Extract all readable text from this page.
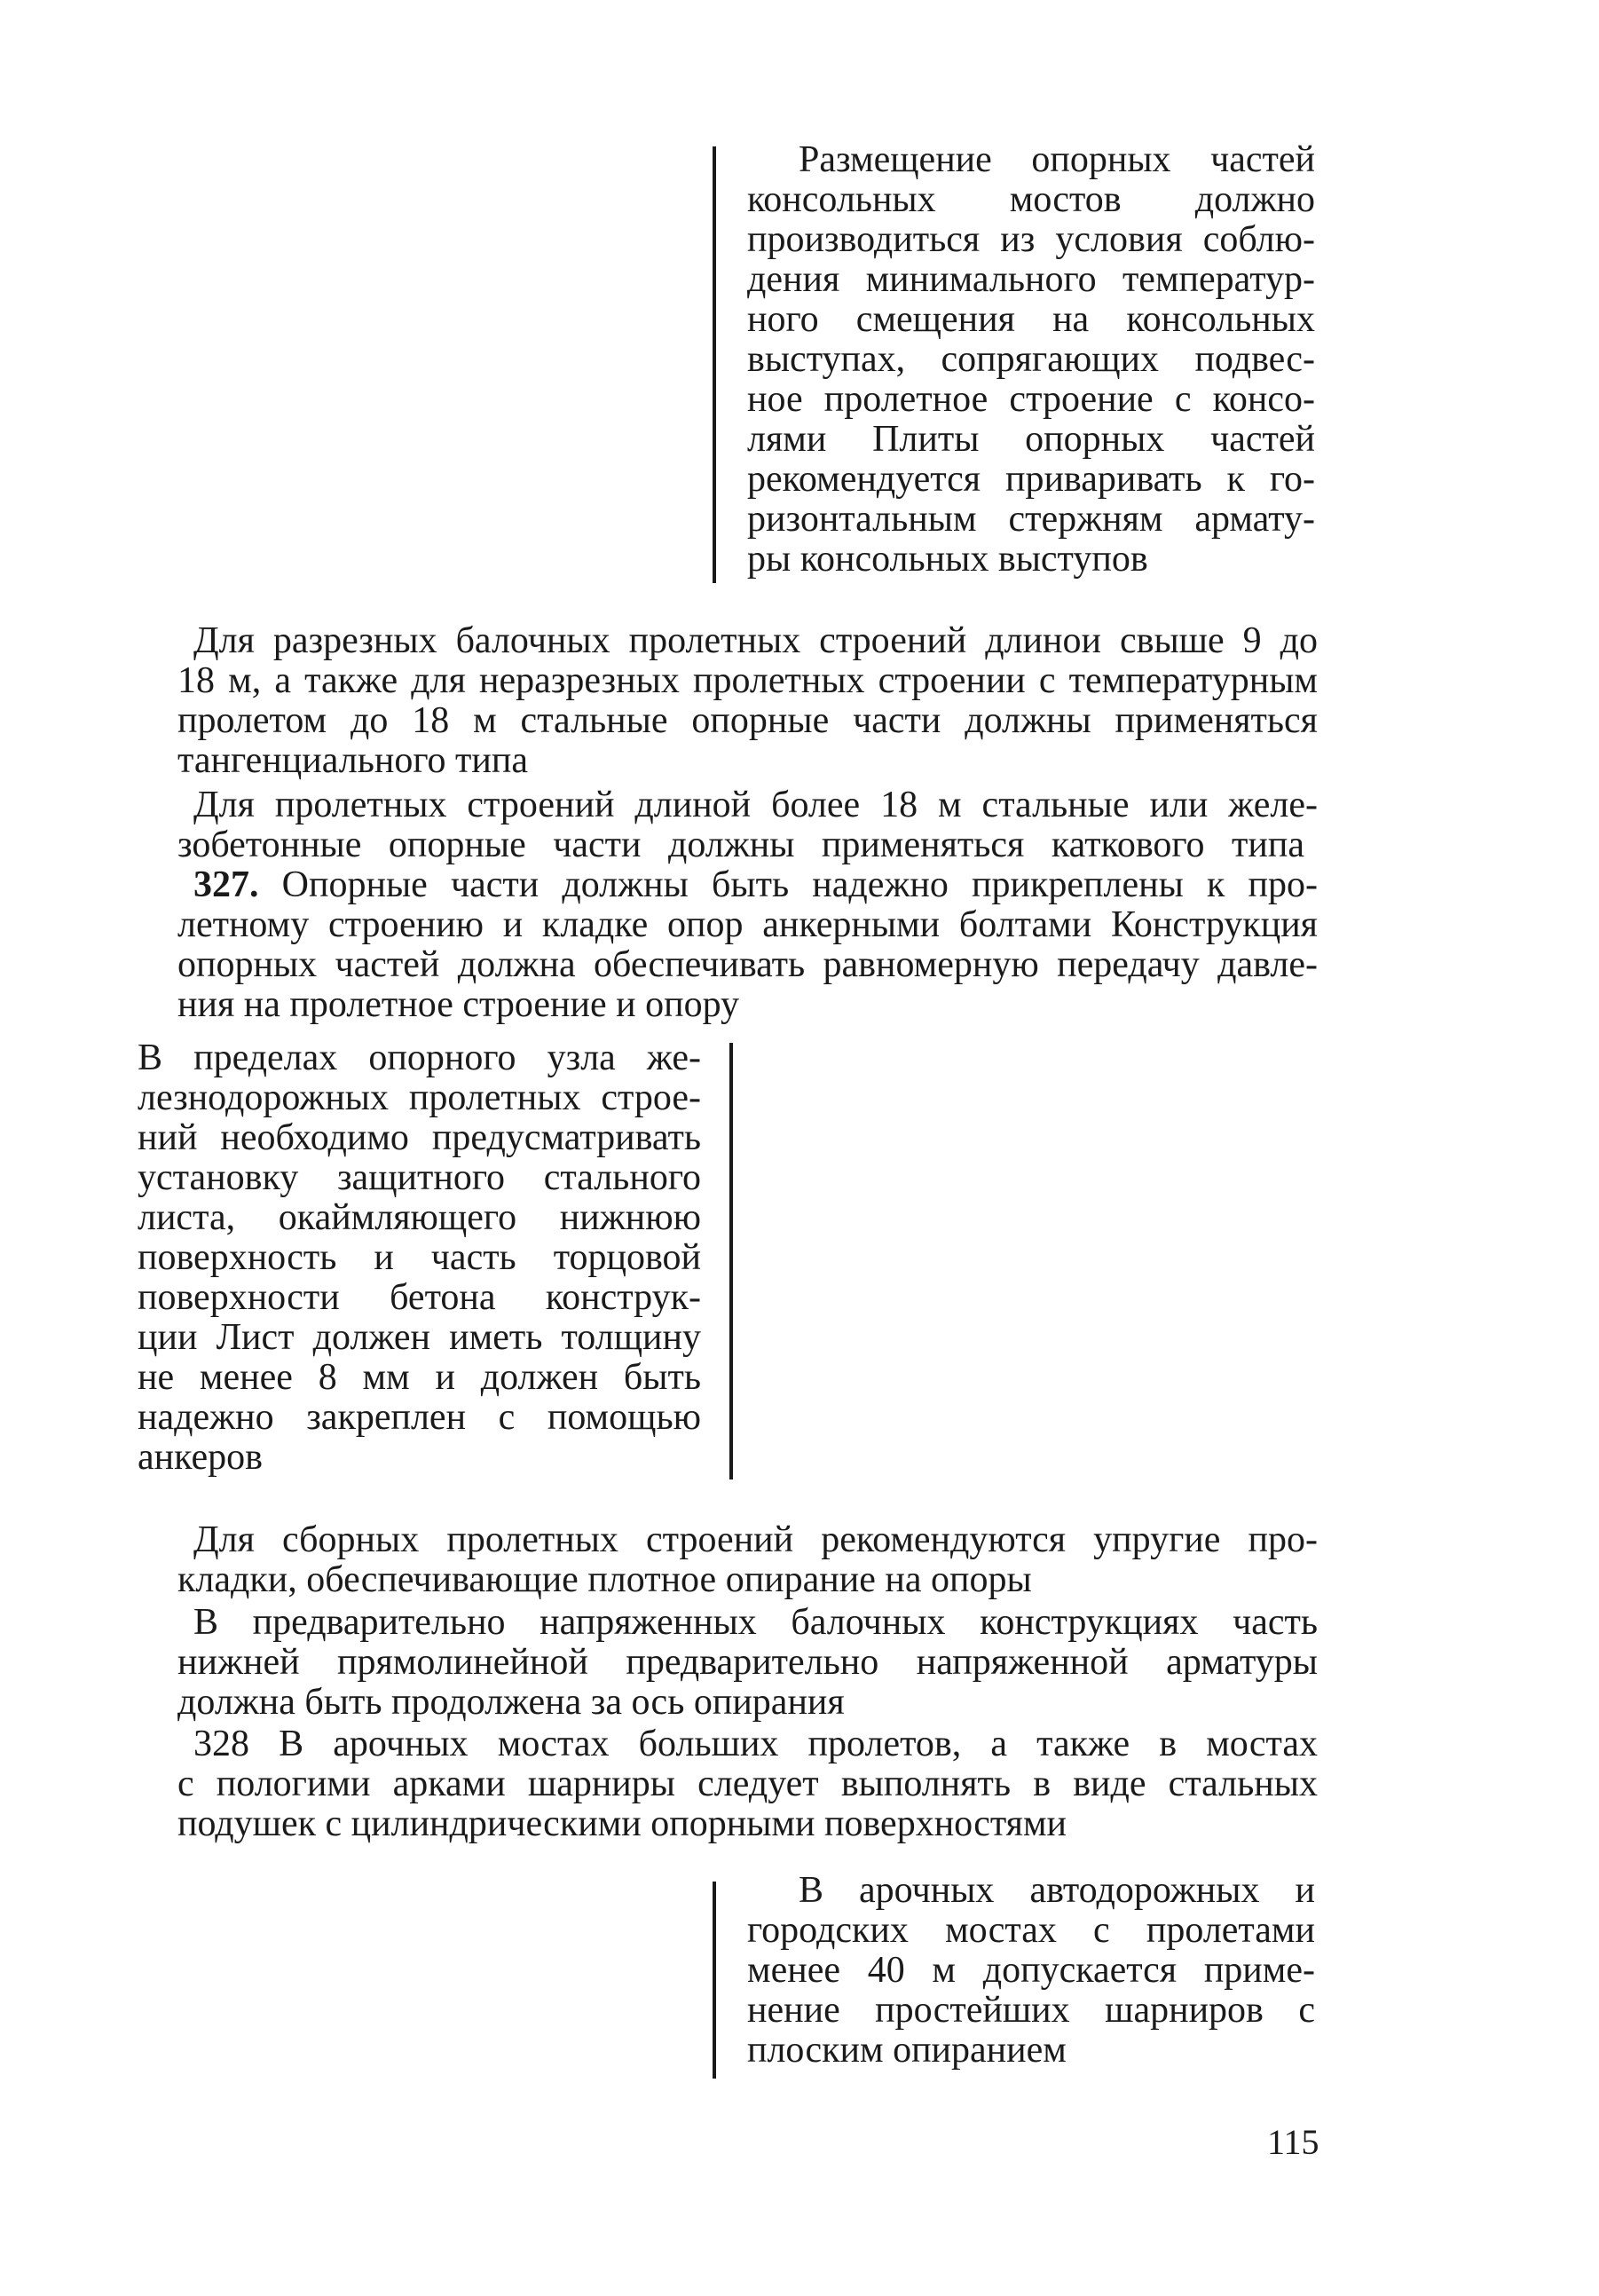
Размещение опорных частей
консольных мостов должно
производиться из условия соблю-
дения минимального температур-
ного смещения на консольных
выступах, сопрягающих подвес-
ное пролетное строение с консо-
лями Плиты опорных частей
рекомендуется приваривать к го-
ризонтальным стержням армату-
ры консольных выступов
Для разрезных балочных пролетных строений длинои свыше 9 до
18 м, а также для неразрезных пролетных строении с температурным
пролетом до 18 м стальные опорные части должны применяться
тангенциального типа
Для пролетных строений длиной более 18 м стальные или желе-
зобетонные опорные части должны применяться каткового типа
327. Опорные части должны быть надежно прикреплены к про-
летному строению и кладке опор анкерными болтами Конструкция
опорных частей должна обеспечивать равномерную передачу давле-
ния на пролетное строение и опору
В пределах опорного узла же-
лезнодорожных пролетных строе-
ний необходимо предусматривать
установку защитного стального
листа, окаймляющего нижнюю
поверхность и часть торцовой
поверхности бетона конструк-
ции Лист должен иметь толщину
не менее 8 мм и должен быть
надежно закреплен с помощью
анкеров
Для сборных пролетных строений рекомендуются упругие про-
кладки, обеспечивающие плотное опирание на опоры
В предварительно напряженных балочных конструкциях часть
нижней прямолинейной предварительно напряженной арматуры
должна быть продолжена за ось опирания
328 В арочных мостах больших пролетов, а также в мостах
с пологими арками шарниры следует выполнять в виде стальных
подушек с цилиндрическими опорными поверхностями
В арочных автодорожных и
городских мостах с пролетами
менее 40 м допускается приме-
нение простейших шарниров с
плоским опиранием
115
